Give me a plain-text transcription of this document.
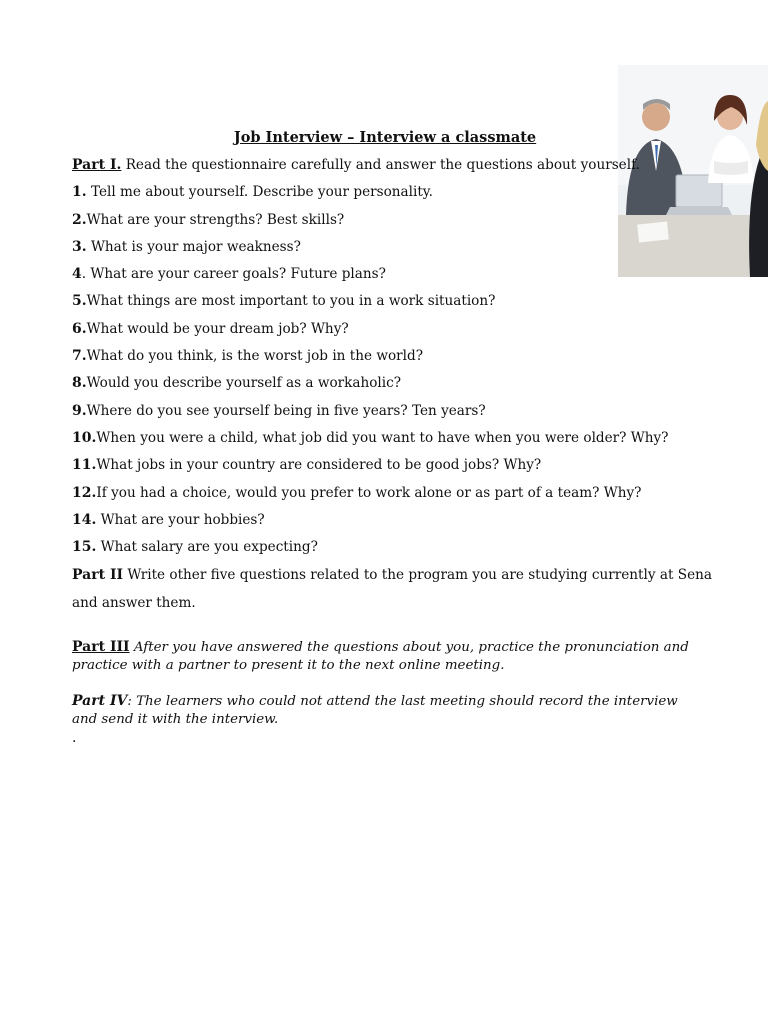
Job Interview – Interview a classmate
Part I. Read the questionnaire carefully and answer the questions about yourself.
1. Tell me about yourself. Describe your personality.
2.What are your strengths? Best skills?
3. What is your major weakness?
4. What are your career goals? Future plans?
5.What things are most important to you in a work situation?
6.What would be your dream job? Why?
7.What do you think, is the worst job in the world?
8.Would you describe yourself as a workaholic?
9.Where do you see yourself being in five years? Ten years?
10.When you were a child, what job did you want to have when you were older? Why?
11.What jobs in your country are considered to be good jobs? Why?
12.If you had a choice, would you prefer to work alone or as part of a team? Why?
14. What are your hobbies?
15. What salary are you expecting?
Part II Write other five questions related to the program you are studying currently at Sena and answer them.
Part III After you have answered the questions about you, practice the pronunciation and practice with a partner to present it to the next online meeting.
Part IV: The learners who could not attend the last meeting should record the interview and send it with the interview.
.
